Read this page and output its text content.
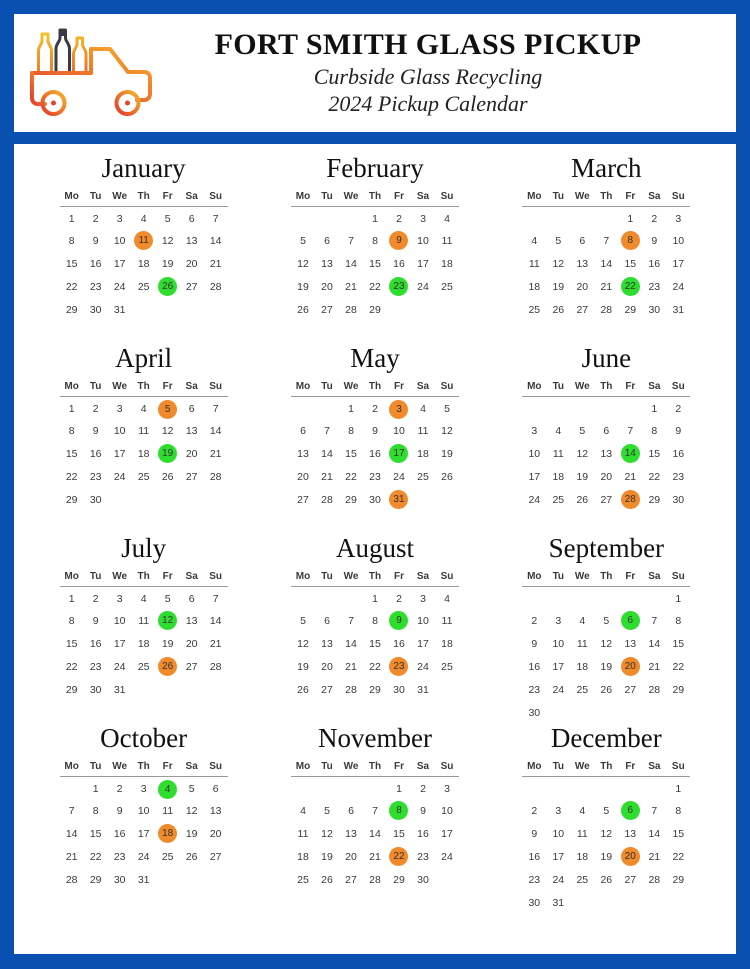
FORT SMITH GLASS PICKUP
Curbside Glass Recycling
2024 Pickup Calendar
January
Mo	Tu	We	Th	Fr	Sa	Su
1	2	3	4	5	6	7
8	9	10	11	12	13	14
15	16	17	18	19	20	21
22	23	24	25	26	27	28
29	30	31				
February
Mo	Tu	We	Th	Fr	Sa	Su
			1	2	3	4
5	6	7	8	9	10	11
12	13	14	15	16	17	18
19	20	21	22	23	24	25
26	27	28	29			
March
Mo	Tu	We	Th	Fr	Sa	Su
				1	2	3
4	5	6	7	8	9	10
11	12	13	14	15	16	17
18	19	20	21	22	23	24
25	26	27	28	29	30	31
April
Mo	Tu	We	Th	Fr	Sa	Su
1	2	3	4	5	6	7
8	9	10	11	12	13	14
15	16	17	18	19	20	21
22	23	24	25	26	27	28
29	30					
May
Mo	Tu	We	Th	Fr	Sa	Su
		1	2	3	4	5
6	7	8	9	10	11	12
13	14	15	16	17	18	19
20	21	22	23	24	25	26
27	28	29	30	31		
June
Mo	Tu	We	Th	Fr	Sa	Su
					1	2
3	4	5	6	7	8	9
10	11	12	13	14	15	16
17	18	19	20	21	22	23
24	25	26	27	28	29	30
July
Mo	Tu	We	Th	Fr	Sa	Su
1	2	3	4	5	6	7
8	9	10	11	12	13	14
15	16	17	18	19	20	21
22	23	24	25	26	27	28
29	30	31				
August
Mo	Tu	We	Th	Fr	Sa	Su
			1	2	3	4
5	6	7	8	9	10	11
12	13	14	15	16	17	18
19	20	21	22	23	24	25
26	27	28	29	30	31	
September
Mo	Tu	We	Th	Fr	Sa	Su
						1
2	3	4	5	6	7	8
9	10	11	12	13	14	15
16	17	18	19	20	21	22
23	24	25	26	27	28	29
30						
October
Mo	Tu	We	Th	Fr	Sa	Su
	1	2	3	4	5	6
7	8	9	10	11	12	13
14	15	16	17	18	19	20
21	22	23	24	25	26	27
28	29	30	31			
November
Mo	Tu	We	Th	Fr	Sa	Su
				1	2	3
4	5	6	7	8	9	10
11	12	13	14	15	16	17
18	19	20	21	22	23	24
25	26	27	28	29	30	
December
Mo	Tu	We	Th	Fr	Sa	Su
						1
2	3	4	5	6	7	8
9	10	11	12	13	14	15
16	17	18	19	20	21	22
23	24	25	26	27	28	29
30	31					
